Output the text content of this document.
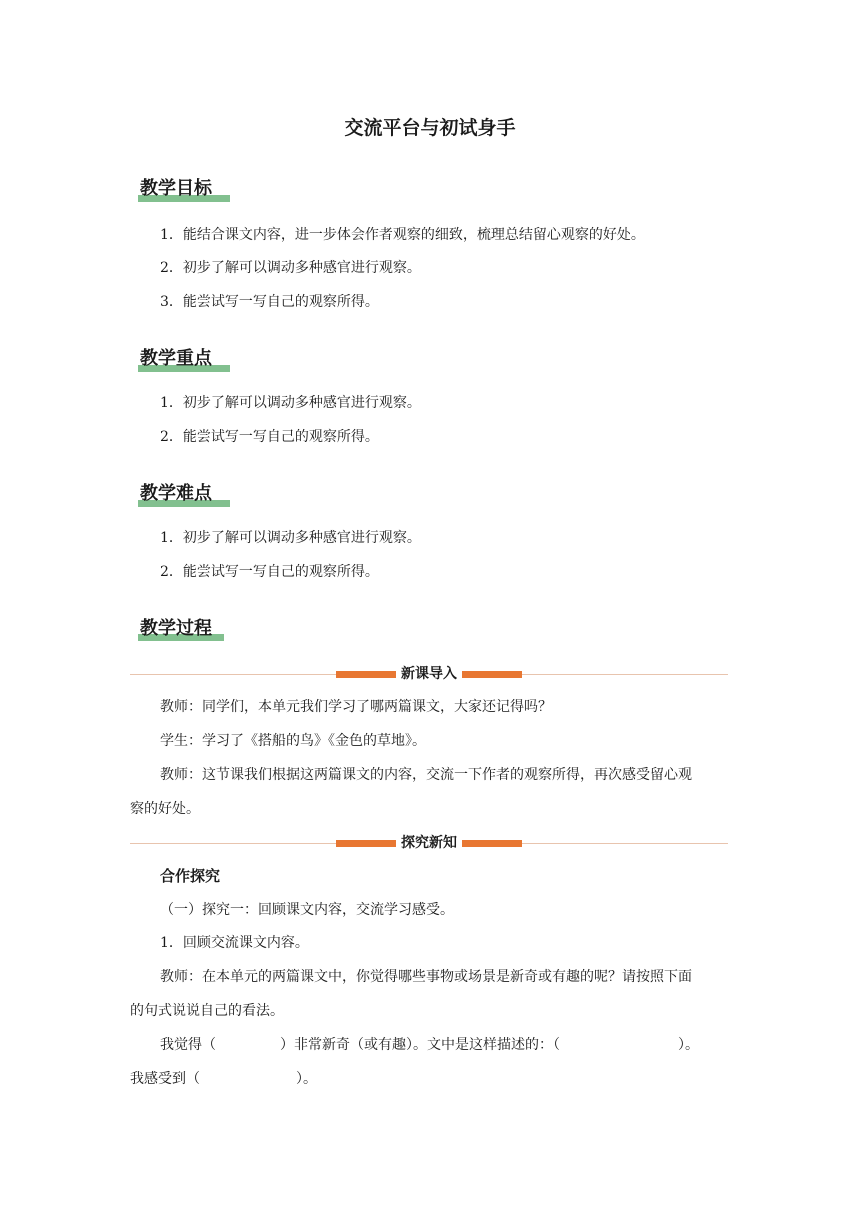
交流平台与初试身手
教学目标
1．能结合课文内容，进一步体会作者观察的细致，梳理总结留心观察的好处。
2．初步了解可以调动多种感官进行观察。
3．能尝试写一写自己的观察所得。
教学重点
1．初步了解可以调动多种感官进行观察。
2．能尝试写一写自己的观察所得。
教学难点
1．初步了解可以调动多种感官进行观察。
2．能尝试写一写自己的观察所得。
教学过程
新课导入
教师：同学们，本单元我们学习了哪两篇课文，大家还记得吗？
学生：学习了《搭船的鸟》《金色的草地》。
教师：这节课我们根据这两篇课文的内容，交流一下作者的观察所得，再次感受留心观
察的好处。
探究新知
合作探究
（一）探究一：回顾课文内容，交流学习感受。
1．回顾交流课文内容。
教师：在本单元的两篇课文中，你觉得哪些事物或场景是新奇或有趣的呢？请按照下面
的句式说说自己的看法。
我觉得（	）非常新奇（或有趣）。文中是这样描述的：（	）。
我感受到（	）。
